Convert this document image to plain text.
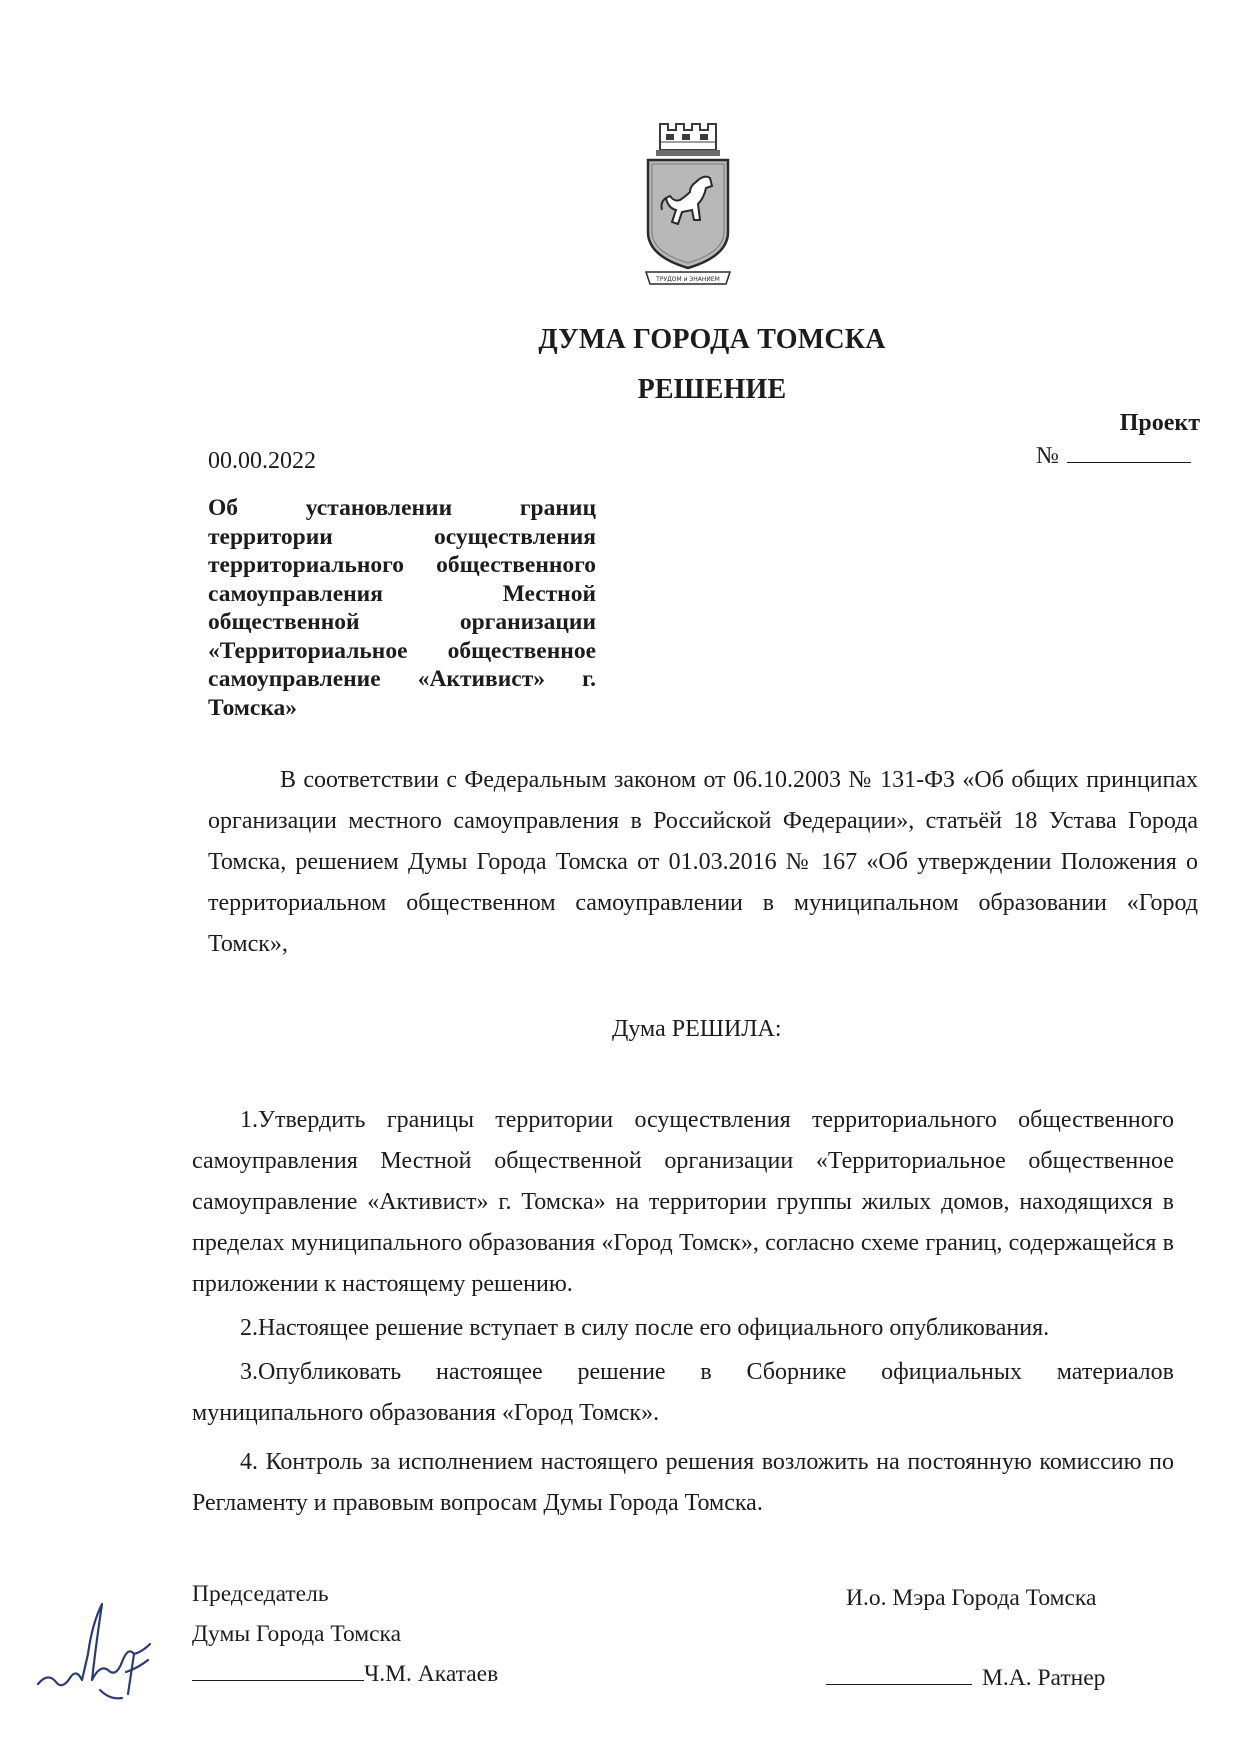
ТРУДОМ и ЗНАНИЕМ
ДУМА ГОРОДА ТОМСКА
РЕШЕНИЕ
Проект
№
00.00.2022

Об установлении границ территории осуществления территориального общественного самоуправления Местной общественной организации «Территориальное общественное самоуправление «Активист» г. Томска»

В соответствии с Федеральным законом от 06.10.2003 № 131-ФЗ «Об общих принципах организации местного самоуправления в Российской Федерации», статьёй 18 Устава Города Томска, решением Думы Города Томска от 01.03.2016 № 167 «Об утверждении Положения о территориальном общественном самоуправлении в муниципальном образовании «Город Томск»,

Дума РЕШИЛА:

1.Утвердить границы территории осуществления территориального общественного самоуправления Местной общественной организации «Территориальное общественное самоуправление «Активист» г. Томска» на территории группы жилых домов, находящихся в пределах муниципального образования «Город Томск», согласно схеме границ, содержащейся в приложении к настоящему решению.

2.Настоящее решение вступает в силу после его официального опубликования.

3.Опубликовать настоящее решение в Сборнике официальных материалов муниципального образования «Город Томск».

4. Контроль за исполнением настоящего решения возложить на постоянную комиссию по Регламенту и правовым вопросам Думы Города Томска.

Председатель
Думы Города Томска
Ч.М. Акатаев
И.о. Мэра Города Томска
М.А. Ратнер
